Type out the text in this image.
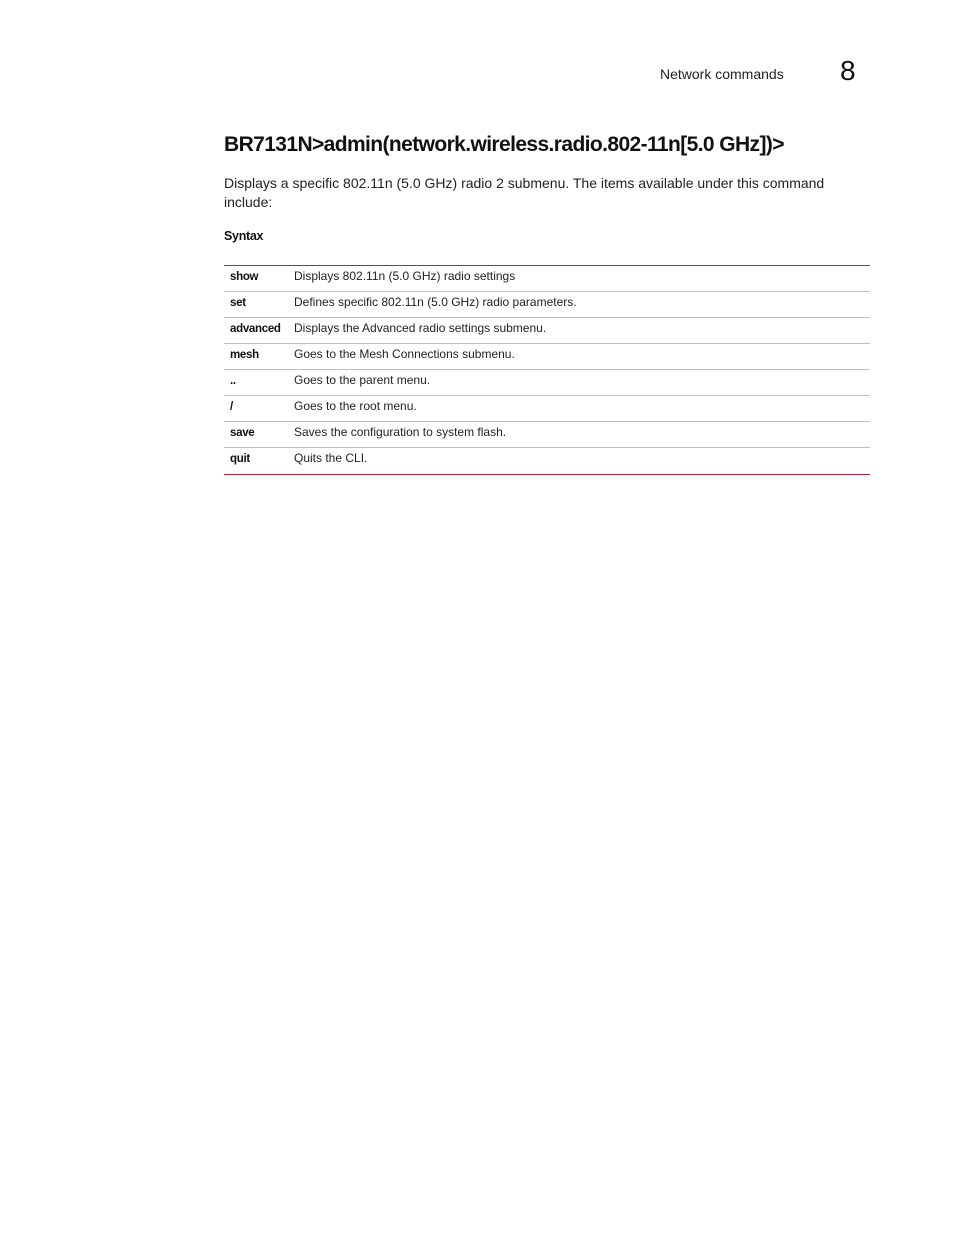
Network commands 8
BR7131N>admin(network.wireless.radio.802-11n[5.0 GHz])>

Displays a specific 802.11n (5.0 GHz) radio 2 submenu. The items available under this command include:

Syntax
show	Displays 802.11n (5.0 GHz) radio settings
set	Defines specific 802.11n (5.0 GHz) radio parameters.
advanced	Displays the Advanced radio settings submenu.
mesh	Goes to the Mesh Connections submenu.
..	Goes to the parent menu.
/	Goes to the root menu.
save	Saves the configuration to system flash.
quit	Quits the CLI.
